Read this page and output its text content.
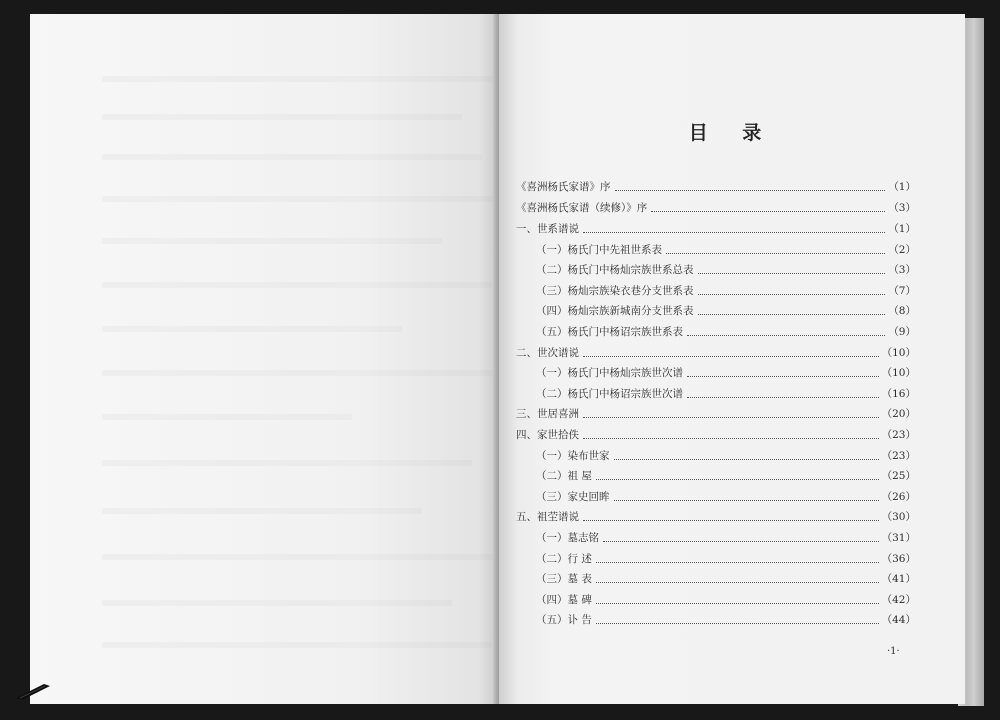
目 录
《喜洲杨氏家谱》序	（1）
《喜洲杨氏家谱（续修）》序	（3）
一、世系谱说	（1）
（一）杨氏门中先祖世系表	（2）
（二）杨氏门中杨灿宗族世系总表	（3）
（三）杨灿宗族染衣巷分支世系表	（7）
（四）杨灿宗族新城南分支世系表	（8）
（五）杨氏门中杨诏宗族世系表	（9）
二、世次谱说	（10）
（一）杨氏门中杨灿宗族世次谱	（10）
（二）杨氏门中杨诏宗族世次谱	（16）
三、世居喜洲	（20）
四、家世拾佚	（23）
（一）染布世家	（23）
（二）祖 屋	（25）
（三）家史回眸	（26）
五、祖茔谱说	（30）
（一）墓志铭	（31）
（二）行 述	（36）
（三）墓 表	（41）
（四）墓 碑	（42）
（五）讣 告	（44）
·1·
